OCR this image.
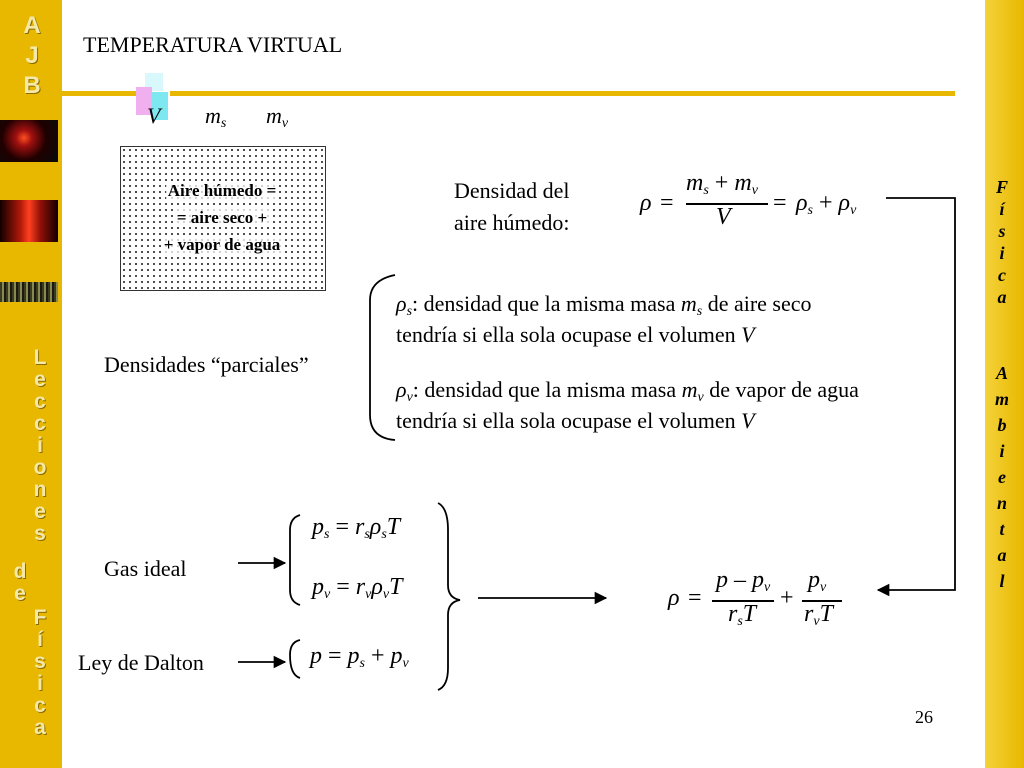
A
J
B
L
e
c
c
i
o
n
e
s
d
e
F
í
s
i
c
a
F
í
s
i
c
a
A
m
b
i
e
n
t
a
l
TEMPERATURA VIRTUAL
V $m_s$ $m_v$
Aire húmedo =
= aire seco +
+ vapor de agua
Densidad del
aire húmedo:
ρ =
$m_s + m_v$
V
= $\rho_s + \rho_v$
Densidades “parciales”
$\rho_s$: densidad que la misma masa $m_s$ de aire seco
tendría si ella sola ocupase el volumen V
$\rho_v$: densidad que la misma masa $m_v$ de vapor de agua
tendría si ella sola ocupase el volumen V
Gas ideal
Ley de Dalton
$p_s = r_s\rho_sT$
$p_v = r_v\rho_vT$
$p = p_s + p_v$
ρ =
p – $p_v$
$r_sT$
+
$p_v$
$r_vT$
26
